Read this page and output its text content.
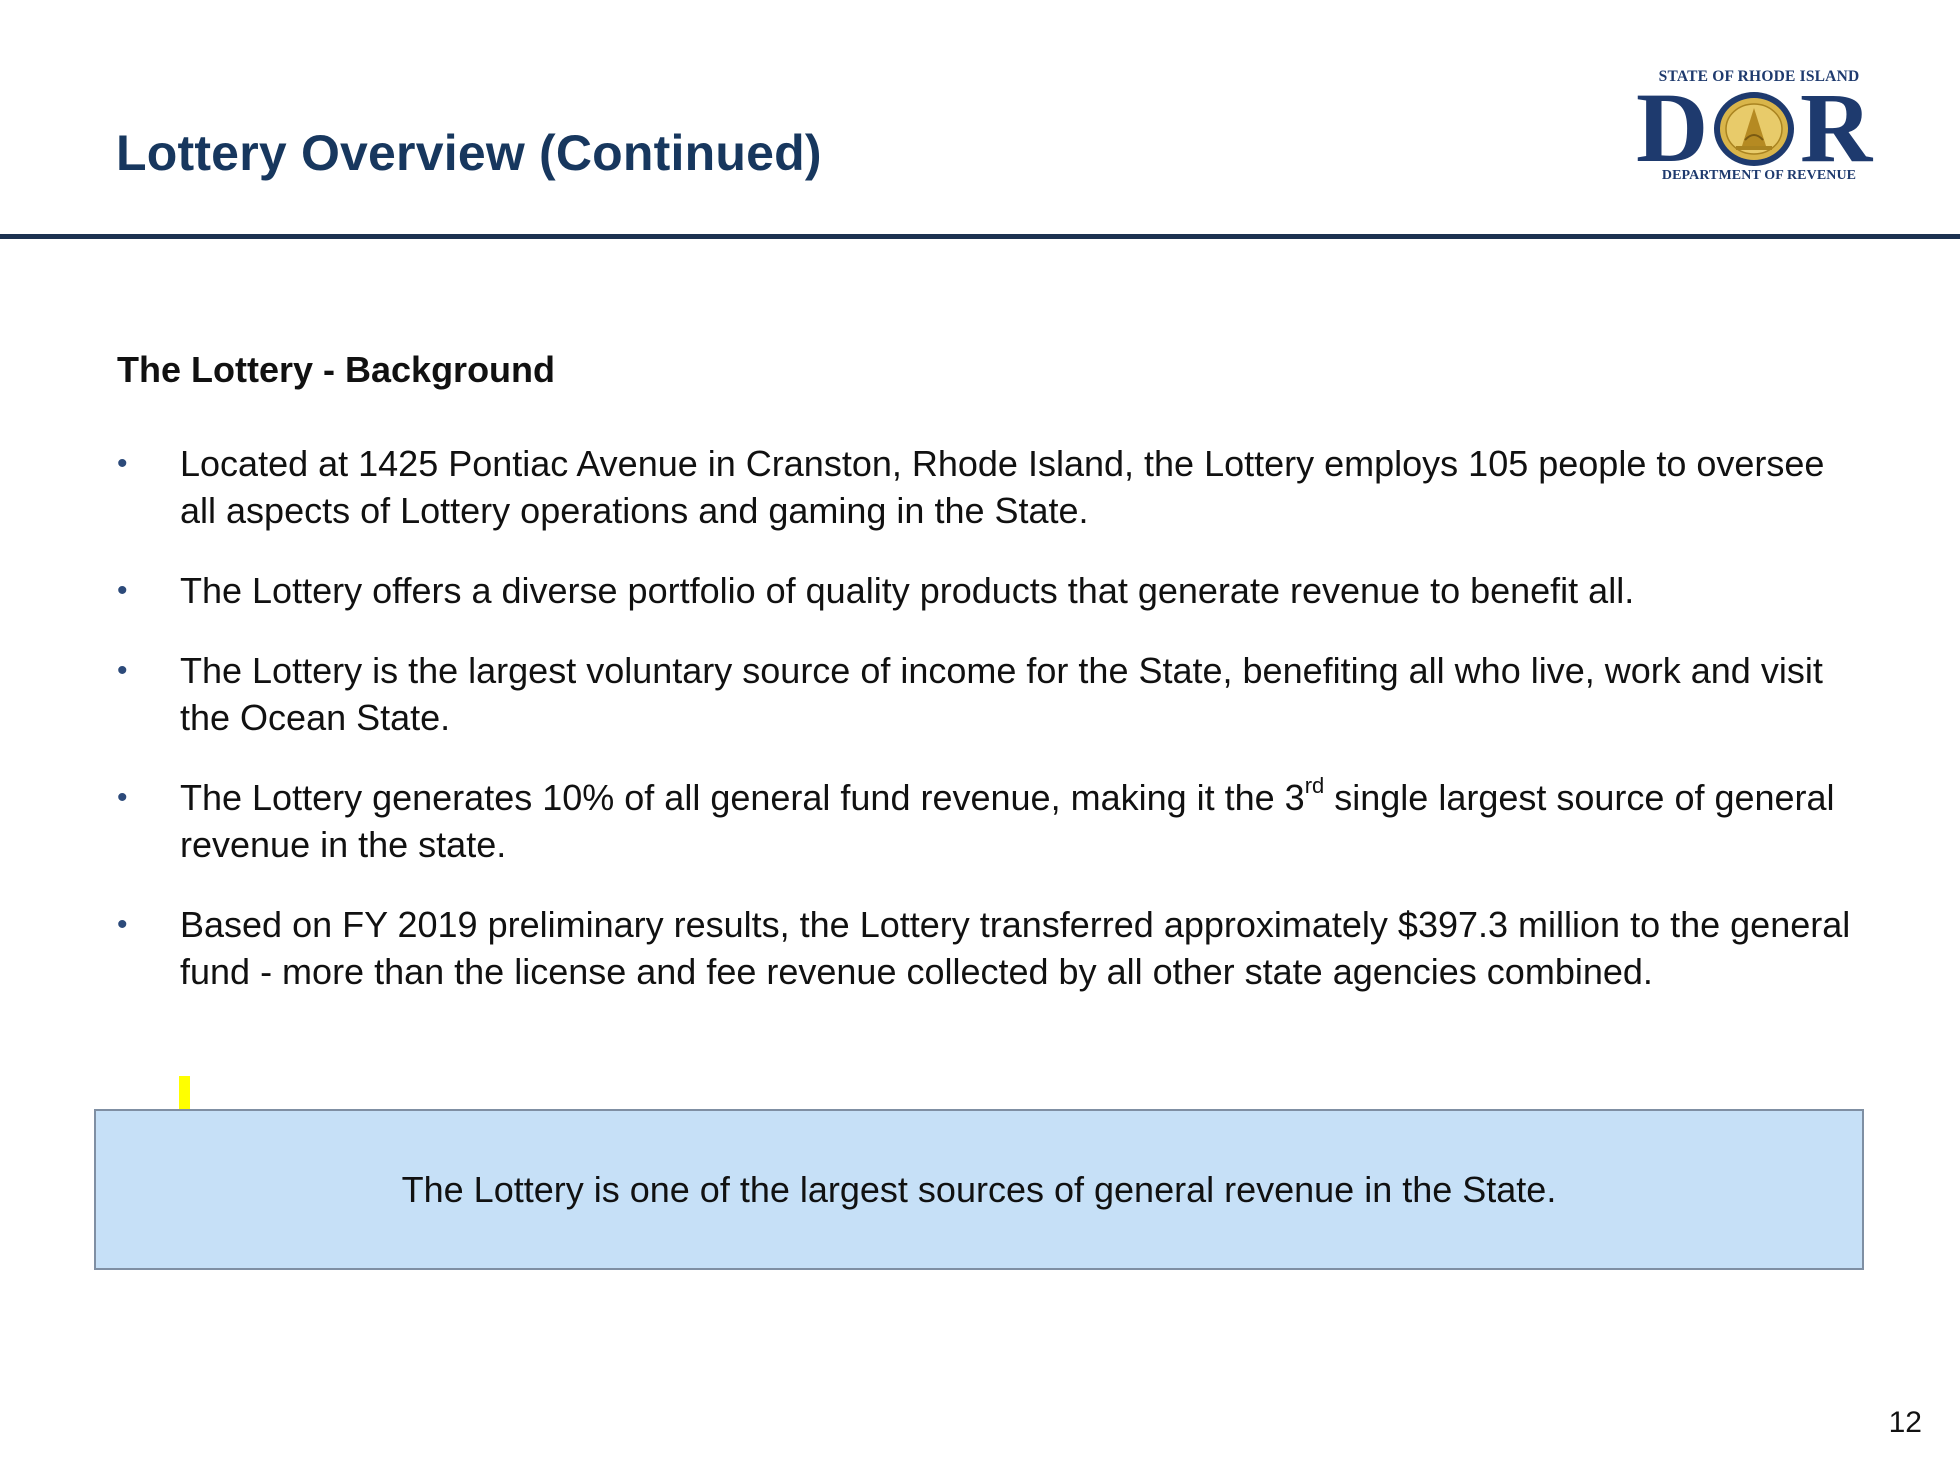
Lottery Overview (Continued)
STATE OF RHODE ISLAND
D R
DEPARTMENT OF REVENUE
The Lottery - Background
•	Located at 1425 Pontiac Avenue in Cranston, Rhode Island, the Lottery employs 105 people to oversee all aspects of Lottery operations and gaming in the State.
•	The Lottery offers a diverse portfolio of quality products that generate revenue to benefit all.
•	The Lottery is the largest voluntary source of income for the State, benefiting all who live, work and visit the Ocean State.
•	The Lottery generates 10% of all general fund revenue, making it the 3rd single largest source of general revenue in the state.
•	Based on FY 2019 preliminary results, the Lottery transferred approximately $397.3 million to the general fund - more than the license and fee revenue collected by all other state agencies combined.
The Lottery is one of the largest sources of general revenue in the State.
12
